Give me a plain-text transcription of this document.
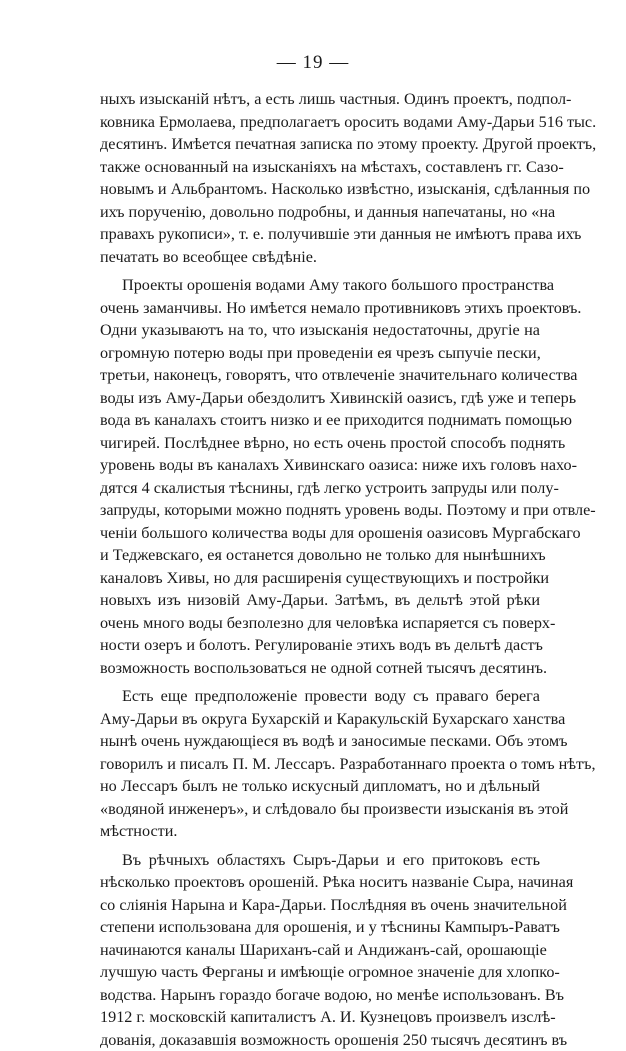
— 19 —
ныхъ изысканій нѣтъ, а есть лишь частныя. Одинъ проектъ, подпол-
ковника Ермолаева, предполагаетъ оросить водами Аму-Дарьи 516 тыс.
десятинъ. Имѣется печатная записка по этому проекту. Другой проектъ,
также основанный на изысканіяхъ на мѣстахъ, составленъ гг. Сазо-
новымъ и Альбрантомъ. Насколько извѣстно, изысканія, сдѣланныя по
ихъ порученію, довольно подробны, и данныя напечатаны, но «на
правахъ рукописи», т. е. получившіе эти данныя не имѣютъ права ихъ
печатать во всеобщее свѣдѣніе.
Проекты орошенія водами Аму такого большого пространства
очень заманчивы. Но имѣется немало противниковъ этихъ проектовъ.
Одни указываютъ на то, что изысканія недостаточны, другіе на
огромную потерю воды при проведеніи ея чрезъ сыпучіе пески,
третьи, наконецъ, говорятъ, что отвлеченіе значительнаго количества
воды изъ Аму-Дарьи обездолитъ Хивинскій оазисъ, гдѣ уже и теперь
вода въ каналахъ стоитъ низко и ее приходится поднимать помощью
чигирей. Послѣднее вѣрно, но есть очень простой способъ поднять
уровень воды въ каналахъ Хивинскаго оазиса: ниже ихъ головъ нахо-
дятся 4 скалистыя тѣснины, гдѣ легко устроить запруды или полу-
запруды, которыми можно поднять уровень воды. Поэтому и при отвле-
ченіи большого количества воды для орошенія оазисовъ Мургабскаго
и Теджевскаго, ея останется довольно не только для нынѣшнихъ
каналовъ Хивы, но для расширенія существующихъ и постройки
новыхъ изъ низовій Аму-Дарьи. Затѣмъ, въ дельтѣ этой рѣки
очень много воды безполезно для человѣка испаряется съ поверх-
ности озеръ и болотъ. Регулированіе этихъ водъ въ дельтѣ дастъ
возможность воспользоваться не одной сотней тысячъ десятинъ.
Есть еще предположеніе провести воду съ праваго берега
Аму-Дарьи въ округа Бухарскій и Каракульскій Бухарскаго ханства
нынѣ очень нуждающіеся въ водѣ и заносимые песками. Объ этомъ
говорилъ и писалъ П. М. Лессаръ. Разработаннаго проекта о томъ нѣтъ,
но Лессаръ былъ не только искусный дипломатъ, но и дѣльный
«водяной инженеръ», и слѣдовало бы произвести изысканія въ этой
мѣстности.
Въ рѣчныхъ областяхъ Сыръ-Дарьи и его притоковъ есть
нѣсколько проектовъ орошеній. Рѣка носитъ названіе Сыра, начиная
со сліянія Нарына и Кара-Дарьи. Послѣдняя въ очень значительной
степени использована для орошенія, и у тѣснины Кампыръ-Раватъ
начинаются каналы Шариханъ-сай и Андижанъ-сай, орошающіе
лучшую часть Ферганы и имѣющіе огромное значеніе для хлопко-
водства. Нарынъ гораздо богаче водою, но менѣе использованъ. Въ
1912 г. московскій капиталистъ А. И. Кузнецовъ произвелъ изслѣ-
дованія, доказавшія возможность орошенія 250 тысячъ десятинъ въ
